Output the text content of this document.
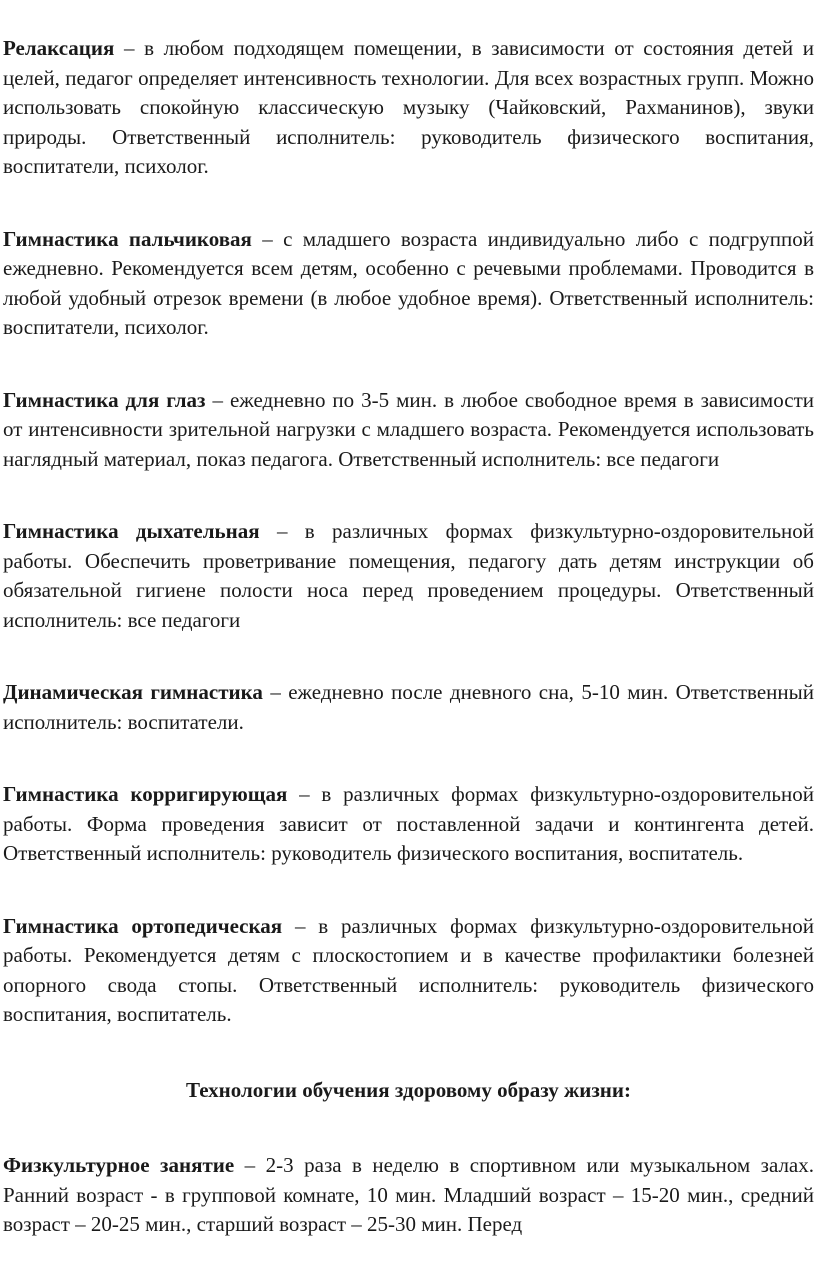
Релаксация – в любом подходящем помещении, в зависимости от состояния детей и целей, педагог определяет интенсивность технологии. Для всех возрастных групп. Можно использовать спокойную классическую музыку (Чайковский, Рахманинов), звуки природы. Ответственный исполнитель: руководитель физического воспитания, воспитатели, психолог.

Гимнастика пальчиковая – с младшего возраста индивидуально либо с подгруппой ежедневно. Рекомендуется всем детям, особенно с речевыми проблемами. Проводится в любой удобный отрезок времени (в любое удобное время). Ответственный исполнитель: воспитатели, психолог.

Гимнастика для глаз – ежедневно по 3-5 мин. в любое свободное время в зависимости от интенсивности зрительной нагрузки с младшего возраста. Рекомендуется использовать наглядный материал, показ педагога. Ответственный исполнитель: все педагоги

Гимнастика дыхательная – в различных формах физкультурно-оздоровительной работы. Обеспечить проветривание помещения, педагогу дать детям инструкции об обязательной гигиене полости носа перед проведением процедуры. Ответственный исполнитель: все педагоги

Динамическая гимнастика – ежедневно после дневного сна, 5-10 мин. Ответственный исполнитель: воспитатели.

Гимнастика корригирующая – в различных формах физкультурно-оздоровительной работы. Форма проведения зависит от поставленной задачи и контингента детей. Ответственный исполнитель: руководитель физического воспитания, воспитатель.

Гимнастика ортопедическая – в различных формах физкультурно-оздоровительной работы. Рекомендуется детям с плоскостопием и в качестве профилактики болезней опорного свода стопы. Ответственный исполнитель: руководитель физического воспитания, воспитатель.

Технологии обучения здоровому образу жизни:

Физкультурное занятие – 2-3 раза в неделю в спортивном или музыкальном залах. Ранний возраст - в групповой комнате, 10 мин. Младший возраст – 15-20 мин., средний возраст – 20-25 мин., старший возраст – 25-30 мин. Перед
